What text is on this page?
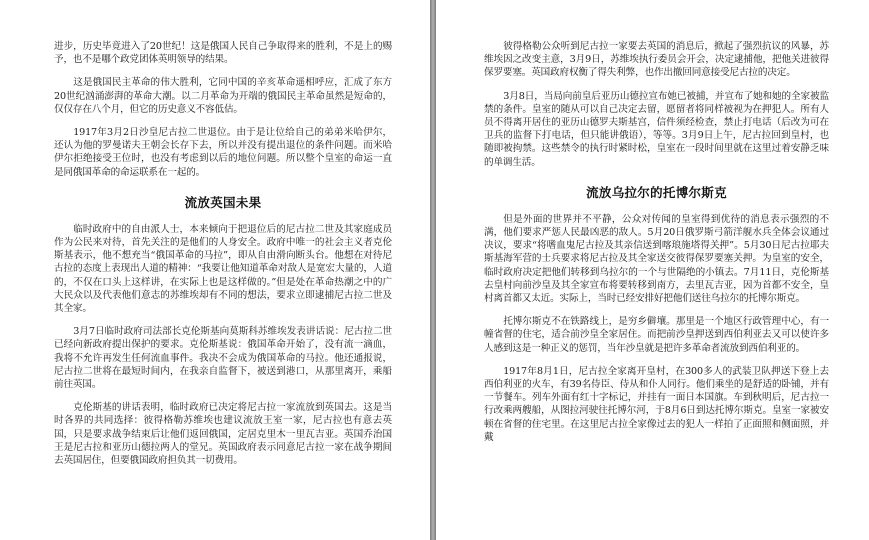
进步，历史毕竟进入了20世纪！这是俄国人民自己争取得来的胜利，不是上的赐予，也不是哪个政党团体英明领导的结果。

这是俄国民主革命的伟大胜利，它同中国的辛亥革命遥相呼应，汇成了东方20世纪汹涌澎湃的革命大潮。以二月革命为开端的俄国民主革命虽然是短命的，仅仅存在八个月，但它的历史意义不容低估。

1917年3月2日沙皇尼古拉二世退位。由于是让位给自己的弟弟米哈伊尔，还认为他的罗曼诺夫王朝会长存下去，所以并没有提出退位的条件问题。而米哈伊尔拒绝接受王位时，也没有考虑到以后的地位问题。所以整个皇室的命运一直是同俄国革命的命运联系在一起的。

流放英国未果

临时政府中的自由派人士，本来倾向于把退位后的尼古拉二世及其家庭成员作为公民来对待，首先关注的是他们的人身安全。政府中唯一的社会主义者克伦斯基表示，他不想充当“俄国革命的马拉”，即从自由滑向断头台。他想在对待尼古拉的态度上表现出人道的精神：“我要让他知道革命对敌人是宽宏大量的，人道的，不仅在口头上这样讲，在实际上也是这样做的。”但是处在革命热潮之中的广大民众以及代表他们意志的苏维埃却有不同的想法，要求立即逮捕尼古拉二世及其全家。

3月7日临时政府司法部长克伦斯基向莫斯科苏维埃发表讲话说：尼古拉二世已经向新政府提出保护的要求。克伦斯基说：俄国革命开始了，没有流一滴血，我将不允许再发生任何流血事件。我决不会成为俄国革命的马拉。他还通报说，尼古拉二世将在最短时间内，在我亲自监督下，被送到港口，从那里离开，乘船前往英国。

克伦斯基的讲话表明，临时政府已决定将尼古拉一家流放到英国去。这是当时各界的共同选择：彼得格勒苏维埃也建议流放王室一家，尼古拉也有意去英国，只是要求战争结束后让他们返回俄国，定居克里木一里瓦吉亚。英国乔治国王是尼古拉和亚历山德拉两人的堂兄。英国政府表示同意尼古拉一家在战争期间去英国居住，但要俄国政府担负其一切费用。

彼得格勒公众听到尼古拉一家要去英国的消息后，掀起了强烈抗议的风暴，苏维埃因之改变主意，3月9日，苏维埃执行委员会开会，决定逮捕他，把他关进彼得保罗要塞。英国政府权衡了得失利弊，也作出撤回同意接受尼古拉的决定。

3月8日，当局向前皇后亚历山德拉宣布她已被捕，并宣布了她和她的全家被监禁的条件。皇室的随从可以自己决定去留，愿留者将同样被视为在押犯人。所有人员不得离开居住的亚历山德罗夫斯基宫，信件须经检查，禁止打电话（后改为可在卫兵的监督下打电话，但只能讲俄语），等等。3月9日上午，尼古拉回到皇村，也随即被拘禁。这些禁令的执行时紧时松，皇室在一段时间里就在这里过着安静乏味的单调生活。

流放乌拉尔的托博尔斯克

但是外面的世界并不平静，公众对传闻的皇室得到优待的消息表示强烈的不满，他们要求严惩人民最凶恶的敌人。5月20日俄罗斯弓箭洋舰水兵全体会议通过决议，要求“将嗜血鬼尼古拉及其亲信送到喀琅施塔得关押”。5月30日尼古拉耶夫斯基海军营的士兵要求将尼古拉及其全家送交彼得保罗要塞关押。为皇室的安全，临时政府决定把他们转移到乌拉尔的一个与世隔绝的小镇去。7月11日，克伦斯基去皇村向前沙皇及其全家宣布将要转移到南方，去里瓦吉亚，因为首都不安全，皇村离首都又太近。实际上，当时已经安排好把他们送往乌拉尔的托博尔斯克。

托博尔斯克不在铁路线上，是穷乡僻壤。那里是一个地区行政管理中心，有一幢省督的住宅，适合前沙皇全家居住。而把前沙皇押送到西伯利亚去又可以使许多人感到这是一种正义的惩罚，当年沙皇就是把许多革命者流放到西伯利亚的。

1917年8月1日，尼古拉全家离开皇村，在300多人的武装卫队押送下登上去西伯利亚的火车，有39名侍臣、侍从和仆人同行。他们乘坐的是舒适的卧铺，并有一节餐车。列车外面有红十字标记，并挂有一面日本国旗。车到秋明后，尼古拉一行改乘两艘船，从图拉河驶往托博尔河，于8月6日到达托博尔斯克。皇室一家被安顿在省督的住宅里。在这里尼古拉全家像过去的犯人一样拍了正面照和侧面照，并戴
